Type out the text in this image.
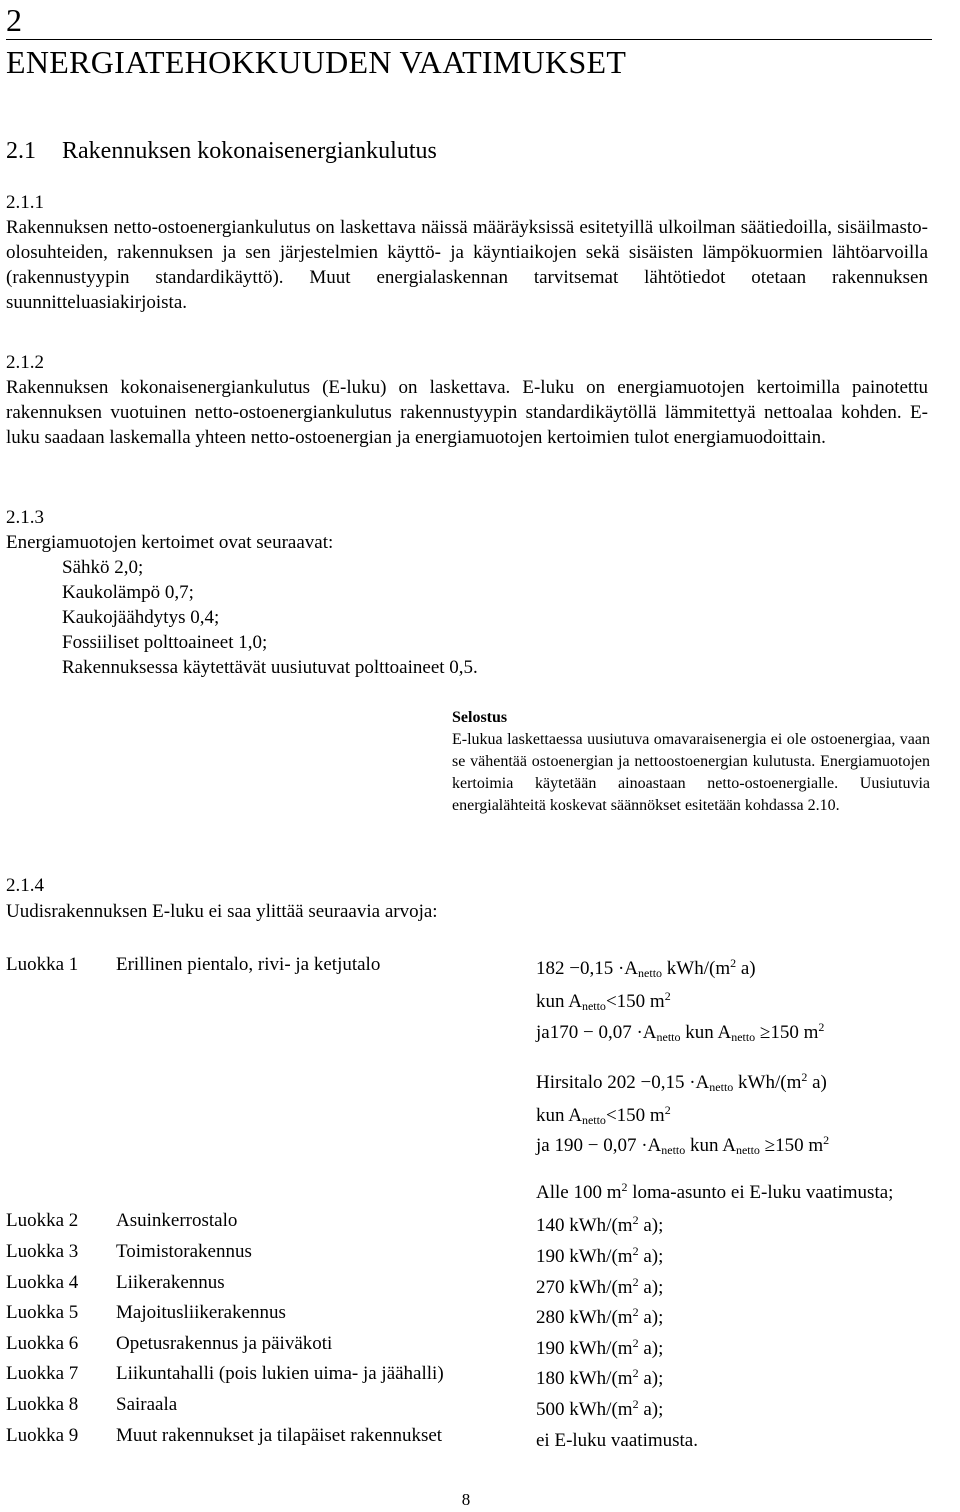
2
ENERGIATEHOKKUUDEN VAATIMUKSET
2.1 Rakennuksen kokonaisenergiankulutus
2.1.1

Rakennuksen netto-ostoenergiankulutus on laskettava näissä määräyksissä esitetyillä ulkoilman säätiedoilla, sisäilmasto-olosuhteiden, rakennuksen ja sen järjestelmien käyttö- ja käyntiaikojen sekä sisäisten lämpökuormien lähtöarvoilla (rakennustyypin standardikäyttö). Muut energialaskennan tarvitsemat lähtötiedot otetaan rakennuksen suunnitteluasiakirjoista.

2.1.2

Rakennuksen kokonaisenergiankulutus (E-luku) on laskettava. E-luku on energiamuotojen kertoimilla painotettu rakennuksen vuotuinen netto-ostoenergiankulutus rakennustyypin standardikäytöllä lämmitettyä nettoalaa kohden. E-luku saadaan laskemalla yhteen netto-ostoenergian ja energiamuotojen kertoimien tulot energiamuodoittain.

2.1.3
Energiamuotojen kertoimet ovat seuraavat:
Sähkö 2,0;
Kaukolämpö 0,7;
Kaukojäähdytys 0,4;
Fossiiliset polttoaineet 1,0;
Rakennuksessa käytettävät uusiutuvat polttoaineet 0,5.
Selostus

E-lukua laskettaessa uusiutuva omavaraisenergia ei ole ostoenergiaa, vaan se vähentää ostoenergian ja nettoostoenergian kulutusta. Energiamuotojen kertoimia käytetään ainoastaan netto-ostoenergialle. Uusiutuvia energialähteitä koskevat säännökset esitetään kohdassa 2.10.

2.1.4
Uudisrakennuksen E-luku ei saa ylittää seuraavia arvoja:
Luokka 1	Erillinen pientalo, rivi- ja ketjutalo	$182 -0,15 \cdot A_{netto}$ kWh/($m^2$ a)
kun $A_{netto}<150$ $m^2$
$ja170 - 0,07 \cdot A_{netto}$ kun $A_{netto} \ge 150$ $m^2$
Hirsitalo $202 -0,15 \cdot A_{netto}$ kWh/($m^2$ a)
kun $A_{netto}<150$ $m^2$
ja $190 - 0,07 \cdot A_{netto}$ kun $A_{netto} \ge 150$ $m^2$
Alle 100 $m^2$ loma-asunto ei E-luku vaatimusta;
Luokka 2	Asuinkerrostalo	140 kWh/($m^2$ a);
Luokka 3	Toimistorakennus	190 kWh/($m^2$ a);
Luokka 4	Liikerakennus	270 kWh/($m^2$ a);
Luokka 5	Majoitusliikerakennus	280 kWh/($m^2$ a);
Luokka 6	Opetusrakennus ja päiväkoti	190 kWh/($m^2$ a);
Luokka 7	Liikuntahalli (pois lukien uima- ja jäähalli)	180 kWh/($m^2$ a);
Luokka 8	Sairaala	500 kWh/($m^2$ a);
Luokka 9	Muut rakennukset ja tilapäiset rakennukset	ei E-luku vaatimusta.
8
